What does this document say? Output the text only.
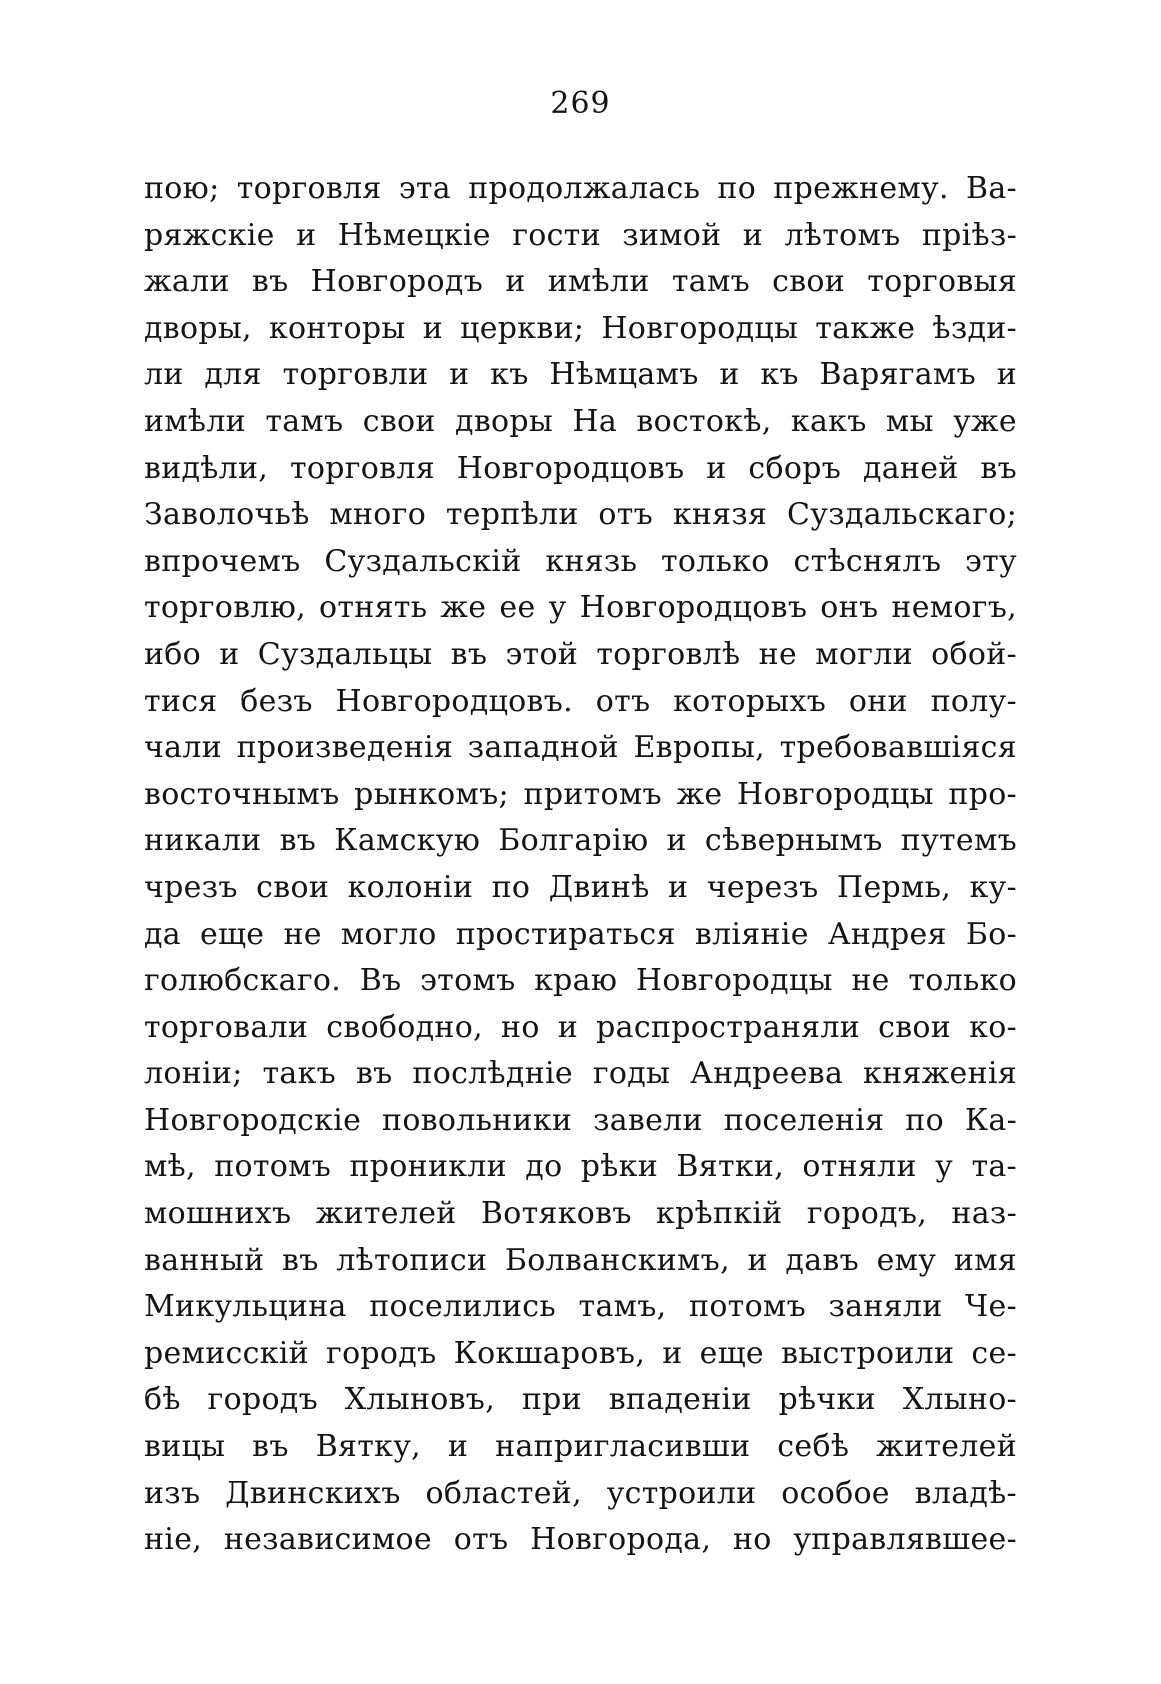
269
пою; торговля эта продолжалась по прежнему. Ва-
ряжскіе и Нѣмецкіе гости зимой и лѣтомъ пріѣз-
жали въ Новгородъ и имѣли тамъ свои торговыя
дворы, конторы и церкви; Новгородцы также ѣзди-
ли для торговли и къ Нѣмцамъ и къ Варягамъ и
имѣли тамъ свои дворы На востокѣ, какъ мы уже
видѣли, торговля Новгородцовъ и сборъ даней въ
Заволочьѣ много терпѣли отъ князя Суздальскаго;
впрочемъ Суздальскій князь только стѣснялъ эту
торговлю, отнять же ее у Новгородцовъ онъ немогъ,
ибо и Суздальцы въ этой торговлѣ не могли обой-
тися безъ Новгородцовъ. отъ которыхъ они полу-
чали произведенія западной Европы, требовавшіяся
восточнымъ рынкомъ; притомъ же Новгородцы про-
никали въ Камскую Болгарію и сѣвернымъ путемъ
чрезъ свои колоніи по Двинѣ и черезъ Пермь, ку-
да еще не могло простираться вліяніе Андрея Бо-
голюбскаго. Въ этомъ краю Новгородцы не только
торговали свободно, но и распространяли свои ко-
лоніи; такъ въ послѣдніе годы Андреева княженія
Новгородскіе повольники завели поселенія по Ка-
мѣ, потомъ проникли до рѣки Вятки, отняли у та-
мошнихъ жителей Вотяковъ крѣпкій городъ, наз-
ванный въ лѣтописи Болванскимъ, и давъ ему имя
Микульцина поселились тамъ, потомъ заняли Че-
ремисскій городъ Кокшаровъ, и еще выстроили се-
бѣ городъ Хлыновъ, при впаденіи рѣчки Хлыно-
вицы въ Вятку, и напригласивши себѣ жителей
изъ Двинскихъ областей, устроили особое владѣ-
ніе, независимое отъ Новгорода, но управлявшее-
